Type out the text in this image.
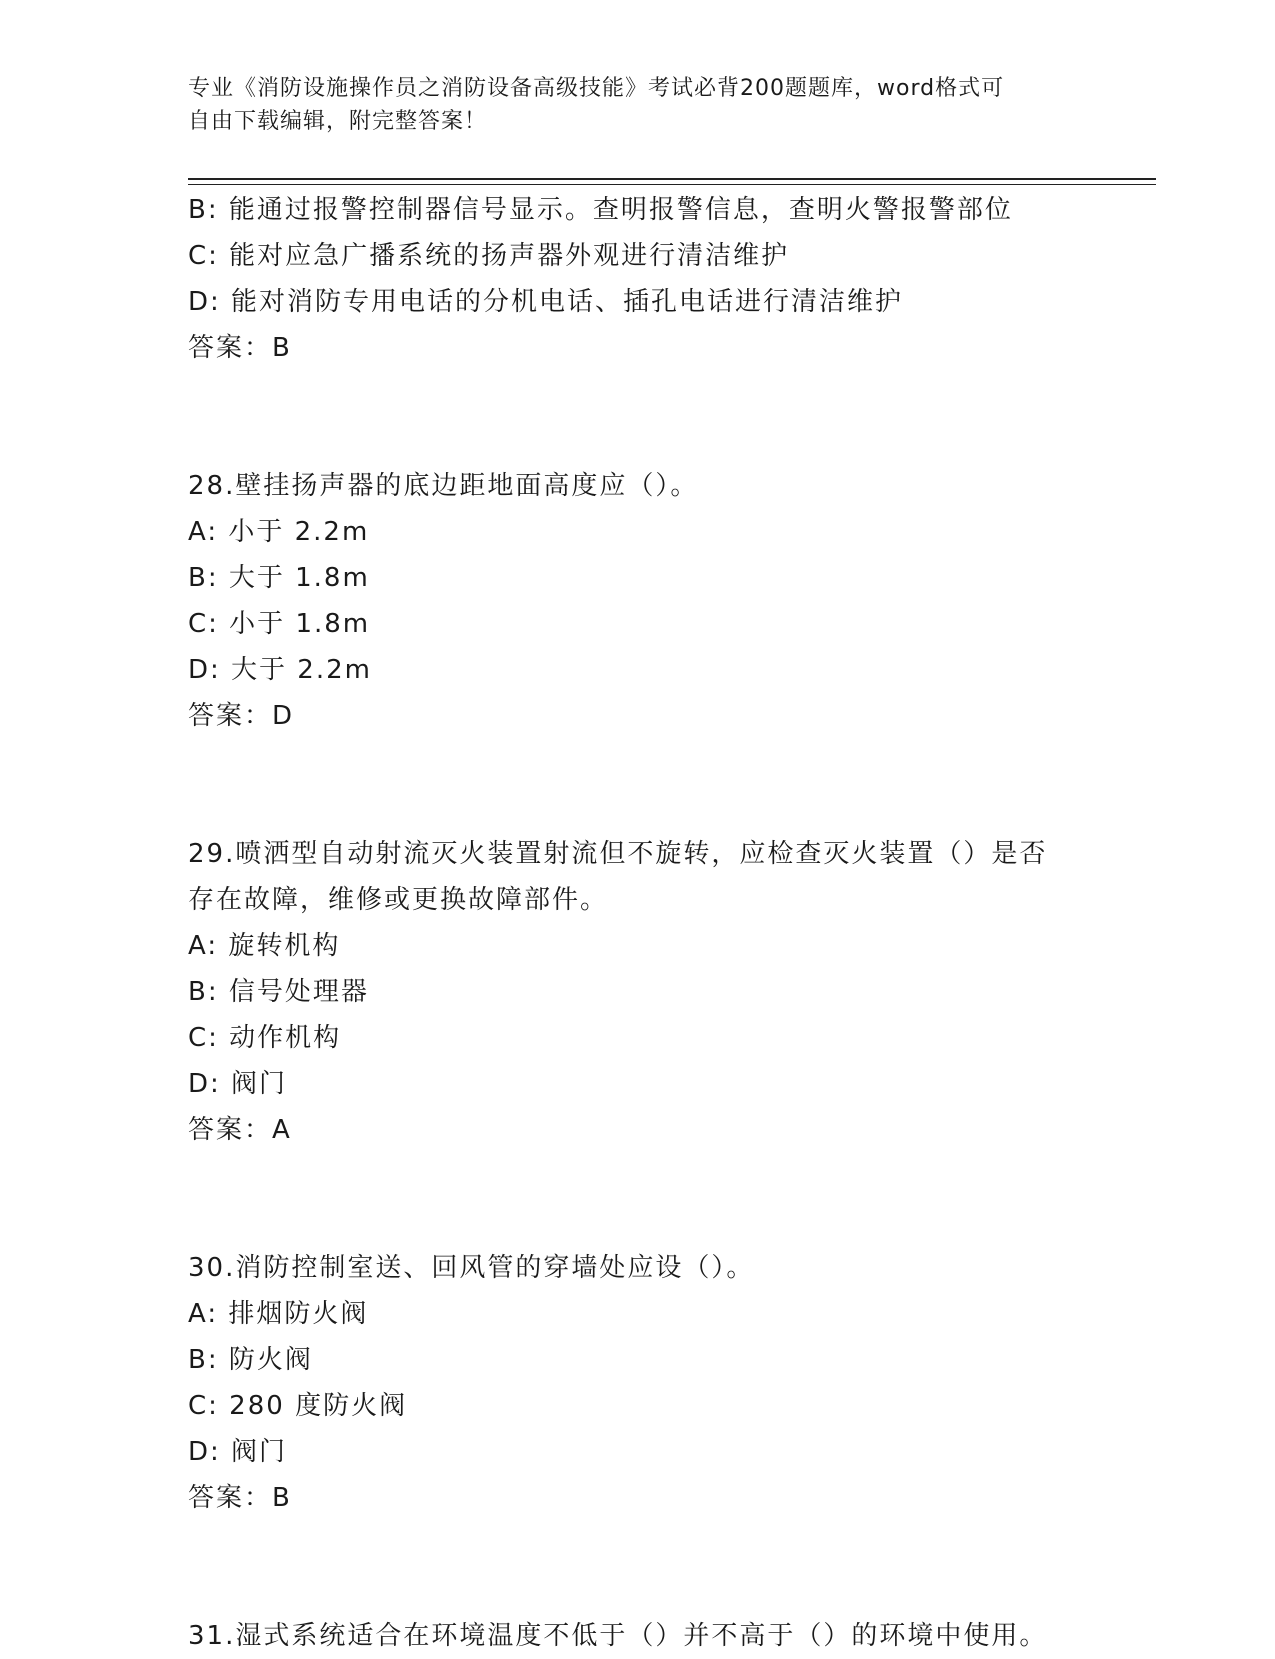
专业《消防设施操作员之消防设备高级技能》考试必背200题题库，word格式可
自由下载编辑，附完整答案！
B: 能通过报警控制器信号显示。查明报警信息，查明火警报警部位
C: 能对应急广播系统的扬声器外观进行清洁维护
D: 能对消防专用电话的分机电话、插孔电话进行清洁维护
答案：B
28.壁挂扬声器的底边距地面高度应（）。
A: 小于 2.2m
B: 大于 1.8m
C: 小于 1.8m
D: 大于 2.2m
答案：D
29.喷洒型自动射流灭火装置射流但不旋转，应检查灭火装置（）是否
存在故障，维修或更换故障部件。
A: 旋转机构
B: 信号处理器
C: 动作机构
D: 阀门
答案：A
30.消防控制室送、回风管的穿墙处应设（）。
A: 排烟防火阀
B: 防火阀
C: 280 度防火阀
D: 阀门
答案：B
31.湿式系统适合在环境温度不低于（）并不高于（）的环境中使用。
